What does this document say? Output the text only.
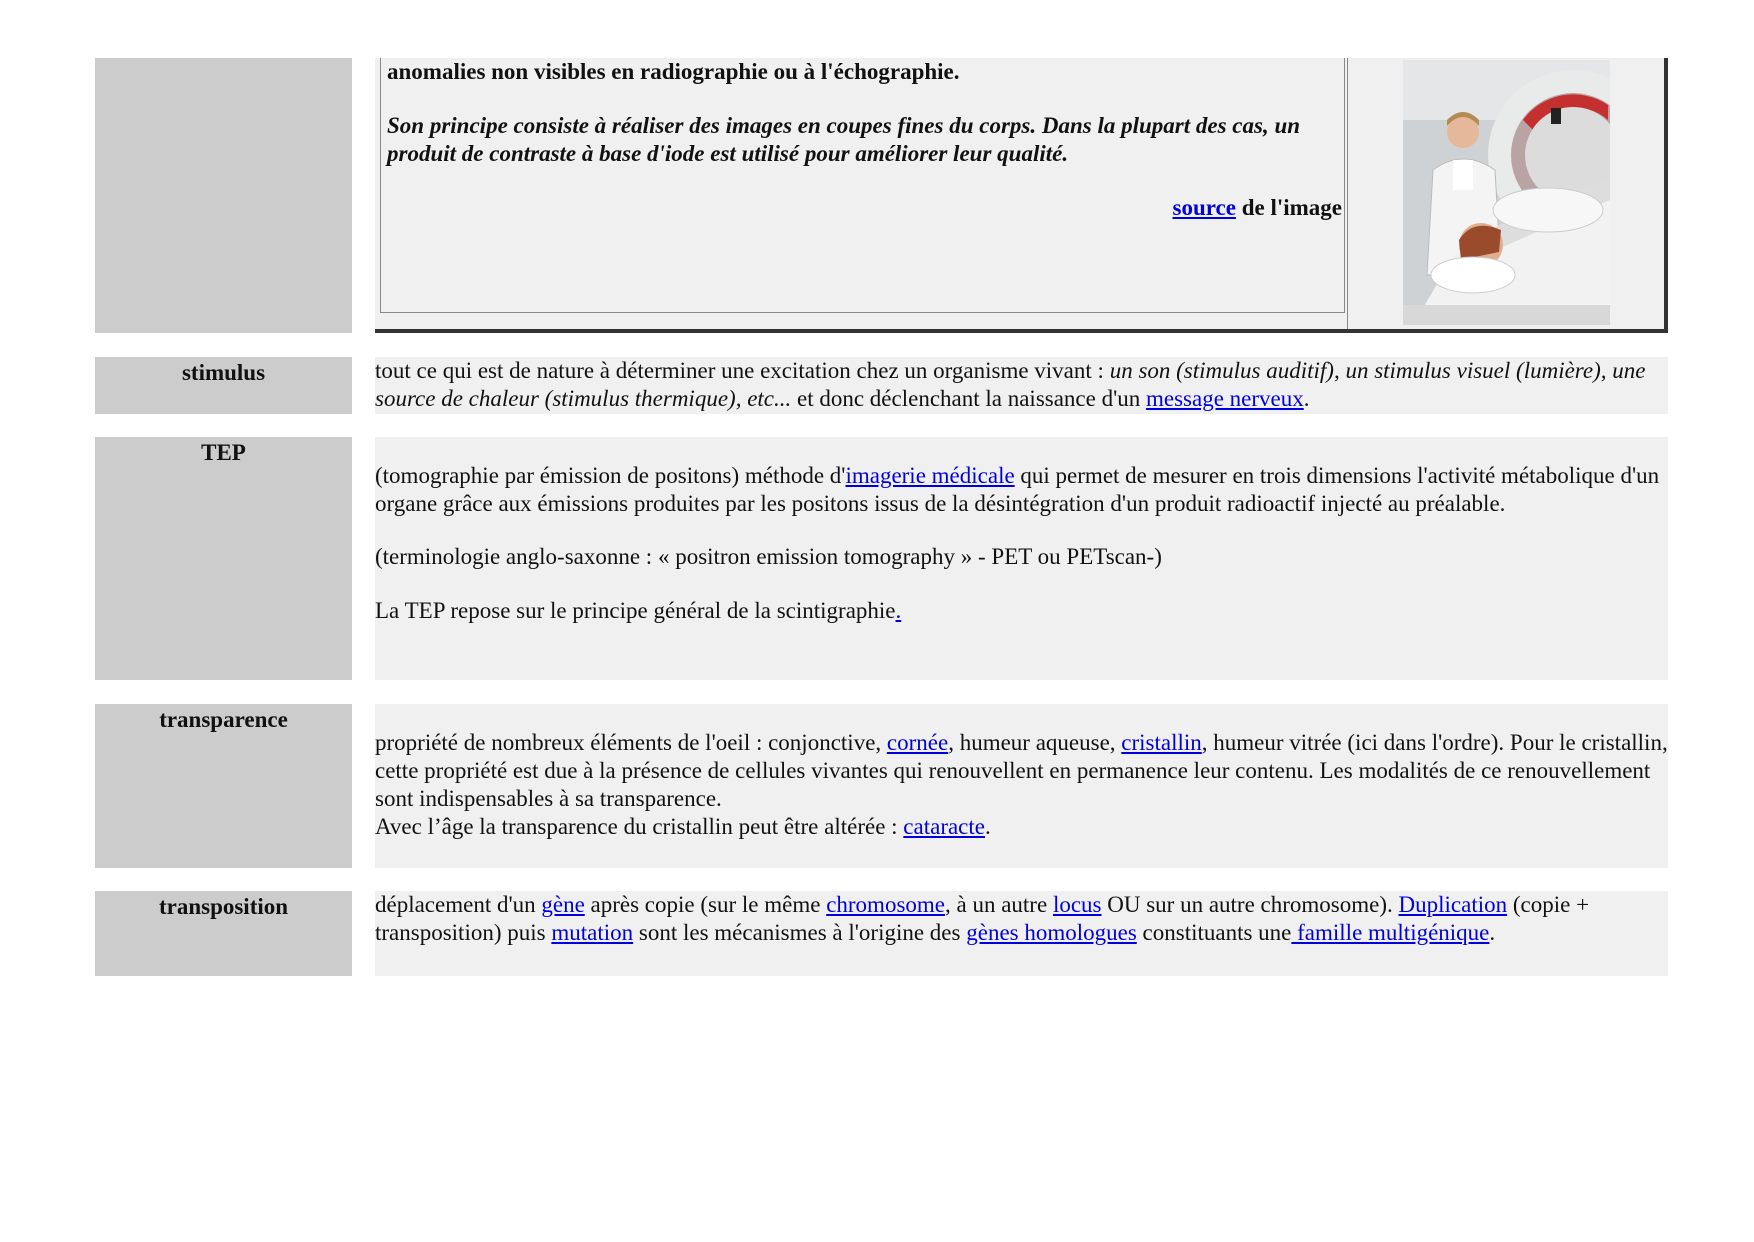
anomalies non visibles en radiographie ou à l'échographie.

Son principe consiste à réaliser des images en coupes fines du corps. Dans la plupart des cas, un produit de contraste à base d'iode est utilisé pour améliorer leur qualité.

source de l'image

stimulus	tout ce qui est de nature à déterminer une excitation chez un organisme vivant : un son (stimulus auditif), un stimulus visuel (lumière), une source de chaleur (stimulus thermique), etc... et donc déclenchant la naissance d'un message nerveux.

TEP

(tomographie par émission de positons) méthode d'imagerie médicale qui permet de mesurer en trois dimensions l'activité métabolique d'un organe grâce aux émissions produites par les positons issus de la désintégration d'un produit radioactif injecté au préalable.

(terminologie anglo-saxonne : « positron emission tomography » - PET ou PETscan-)

La TEP repose sur le principe général de la scintigraphie.

transparence

propriété de nombreux éléments de l'oeil : conjonctive, cornée, humeur aqueuse, cristallin, humeur vitrée (ici dans l'ordre). Pour le cristallin, cette propriété est due à la présence de cellules vivantes qui renouvellent en permanence leur contenu. Les modalités de ce renouvellement sont indispensables à sa transparence.

Avec l’âge la transparence du cristallin peut être altérée : cataracte.

transposition	déplacement d'un gène après copie (sur le même chromosome, à un autre locus OU sur un autre chromosome). Duplication (copie + transposition) puis mutation sont les mécanismes à l'origine des gènes homologues constituants une famille multigénique.
